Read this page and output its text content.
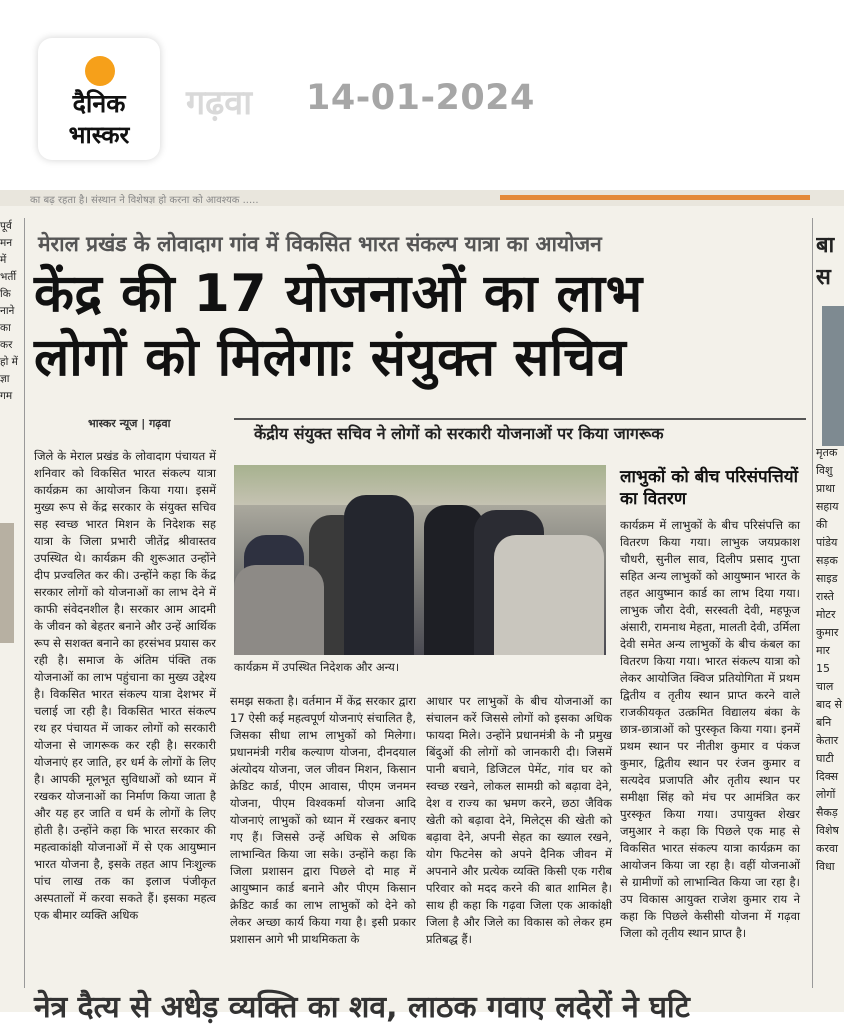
दैनिक
भास्कर
गढ़वा 14-01-2024
का बढ़ रहता है। संस्थान ने विशेषज्ञ हो करना को आवश्यक .....
पूर्व मन में भर्ती कि नाने का कर हो में ज्ञा गम
बा स
मृतक विशु प्राथा सहाय की पांडेय सड़क साइड रास्ते मोटर कुमार मार 15 चाल बाद से बनि केतार घाटी दिक्स लोगों सैकड़ विशेष करवा विधा
मेराल प्रखंड के लोवादाग गांव में विकसित भारत संकल्प यात्रा का आयोजन
केंद्र की 17 योजनाओं का लाभ
लोगों को मिलेगाः संयुक्त सचिव
भास्कर न्यूज | गढ़वा
केंद्रीय संयुक्त सचिव ने लोगों को सरकारी योजनाओं पर किया जागरूक
जिले के मेराल प्रखंड के लोवादाग पंचायत में शनिवार को विकसित भारत संकल्प यात्रा कार्यक्रम का आयोजन किया गया। इसमें मुख्य रूप से केंद्र सरकार के संयुक्त सचिव सह स्वच्छ भारत मिशन के निदेशक सह यात्रा के जिला प्रभारी जीतेंद्र श्रीवास्तव उपस्थित थे। कार्यक्रम की शुरूआत उन्होंने दीप प्रज्वलित कर की। उन्होंने कहा कि केंद्र सरकार लोगों को योजनाओं का लाभ देने में काफी संवेदनशील है। सरकार आम आदमी के जीवन को बेहतर बनाने और उन्हें आर्थिक रूप से सशक्त बनाने का हरसंभव प्रयास कर रही है। समाज के अंतिम पंक्ति तक योजनाओं का लाभ पहुंचाना का मुख्य उद्देश्य है। विकसित भारत संकल्प यात्रा देशभर में चलाई जा रही है। विकसित भारत संकल्प रथ हर पंचायत में जाकर लोगों को सरकारी योजना से जागरूक कर रही है। सरकारी योजनाएं हर जाति, हर धर्म के लोगों के लिए है। आपकी मूलभूत सुविधाओं को ध्यान में रखकर योजनाओं का निर्माण किया जाता है और यह हर जाति व धर्म के लोगों के लिए होती है। उन्होंने कहा कि भारत सरकार की महत्वाकांक्षी योजनाओं में से एक आयुष्मान भारत योजना है, इसके तहत आप निःशुल्क पांच लाख तक का इलाज पंजीकृत अस्पतालों में करवा सकते हैं। इसका महत्व एक बीमार व्यक्ति अधिक
कार्यक्रम में उपस्थित निदेशक और अन्य।
समझ सकता है। वर्तमान में केंद्र सरकार द्वारा 17 ऐसी कई महत्वपूर्ण योजनाएं संचालित है, जिसका सीधा लाभ लाभुकों को मिलेगा। प्रधानमंत्री गरीब कल्याण योजना, दीनदयाल अंत्योदय योजना, जल जीवन मिशन, किसान क्रेडिट कार्ड, पीएम आवास, पीएम जनमन योजना, पीएम विश्वकर्मा योजना आदि योजनाएं लाभुकों को ध्यान में रखकर बनाए गए हैं। जिससे उन्हें अधिक से अधिक लाभान्वित किया जा सके। उन्होंने कहा कि जिला प्रशासन द्वारा पिछले दो माह में आयुष्मान कार्ड बनाने और पीएम किसान क्रेडिट कार्ड का लाभ लाभुकों को देने को लेकर अच्छा कार्य किया गया है। इसी प्रकार प्रशासन आगे भी प्राथमिकता के
आधार पर लाभुकों के बीच योजनाओं का संचालन करें जिससे लोगों को इसका अधिक फायदा मिले। उन्होंने प्रधानमंत्री के नौ प्रमुख बिंदुओं की लोगों को जानकारी दी। जिसमें पानी बचाने, डिजिटल पेमेंट, गांव घर को स्वच्छ रखने, लोकल सामग्री को बढ़ावा देने, देश व राज्य का भ्रमण करने, छठा जैविक खेती को बढ़ावा देने, मिलेट्स की खेती को बढ़ावा देने, अपनी सेहत का ख्याल रखने, योग फिटनेस को अपने दैनिक जीवन में अपनाने और प्रत्येक व्यक्ति किसी एक गरीब परिवार को मदद करने की बात शामिल है। साथ ही कहा कि गढ़वा जिला एक आकांक्षी जिला है और जिले का विकास को लेकर हम प्रतिबद्ध हैं।
लाभुकों को बीच परिसंपत्तियों का वितरण
कार्यक्रम में लाभुकों के बीच परिसंपत्ति का वितरण किया गया। लाभुक जयप्रकाश चौधरी, सुनील साव, दिलीप प्रसाद गुप्ता सहित अन्य लाभुकों को आयुष्मान भारत के तहत आयुष्मान कार्ड का लाभ दिया गया। लाभुक जौरा देवी, सरस्वती देवी, महफूज अंसारी, रामनाथ मेहता, मालती देवी, उर्मिला देवी समेत अन्य लाभुकों के बीच कंबल का वितरण किया गया। भारत संकल्प यात्रा को लेकर आयोजित क्विज प्रतियोगिता में प्रथम द्वितीय व तृतीय स्थान प्राप्त करने वाले राजकीयकृत उत्क्रमित विद्यालय बंका के छात्र-छात्राओं को पुरस्कृत किया गया। इनमें प्रथम स्थान पर नीतीश कुमार व पंकज कुमार, द्वितीय स्थान पर रंजन कुमार व सत्यदेव प्रजापति और तृतीय स्थान पर समीक्षा सिंह को मंच पर आमंत्रित कर पुरस्कृत किया गया। उपायुक्त शेखर जमुआर ने कहा कि पिछले एक माह से विकसित भारत संकल्प यात्रा कार्यक्रम का आयोजन किया जा रहा है। वहीं योजनाओं से ग्रामीणों को लाभान्वित किया जा रहा है। उप विकास आयुक्त राजेश कुमार राय ने कहा कि पिछले केसीसी योजना में गढ़वा जिला को तृतीय स्थान प्राप्त है।
नेत्र दैत्य से अधेड़ व्यक्ति का शव, लाठक गवाए लदेरों ने घटि
